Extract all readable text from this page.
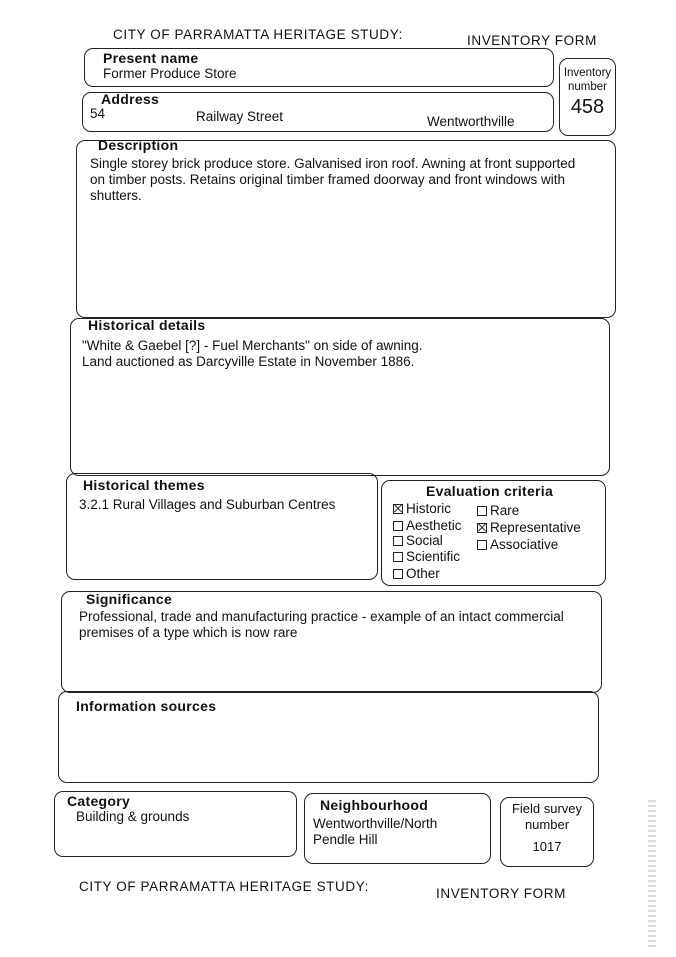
CITY OF PARRAMATTA HERITAGE STUDY:	INVENTORY FORM
Present name
Former Produce Store	Inventory
number
458
Address
54	Railway Street	Wentworthville
Description
Single storey brick produce store. Galvanised iron roof. Awning at front supported
on timber posts. Retains original timber framed doorway and front windows with
shutters.
Historical details
"White & Gaebel [?] - Fuel Merchants" on side of awning.
Land auctioned as Darcyville Estate in November 1886.
Historical themes
3.2.1 Rural Villages and Suburban Centres
Evaluation criteria
Historic	Rare
Aesthetic	Representative
Social	Associative
Scientific
Other
Significance
Professional, trade and manufacturing practice - example of an intact commercial
premises of a type which is now rare
Information sources
Category
Building & grounds
Neighbourhood
Wentworthville/North
Pendle Hill
Field survey
number
1017
CITY OF PARRAMATTA HERITAGE STUDY:	INVENTORY FORM
